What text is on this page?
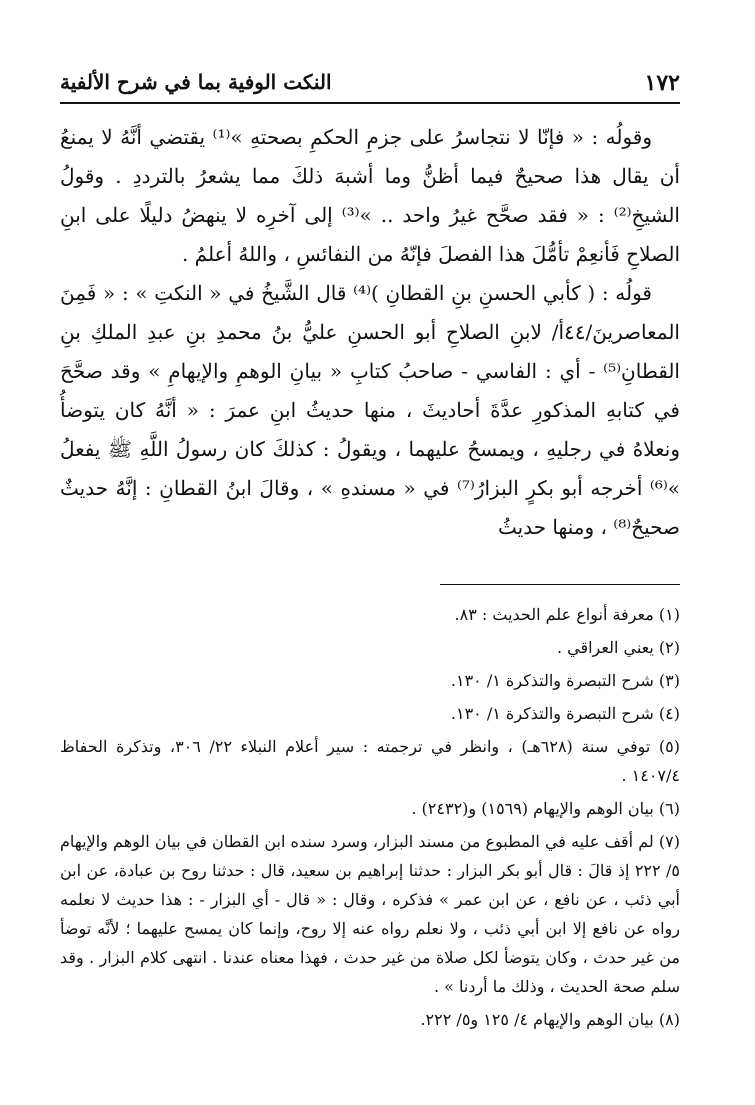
١٧٢
النكت الوفية بما في شرح الألفية

وقولُه : « فإنّا لا نتجاسرُ على جزمِ الحكمِ بصحتهِ »⁽¹⁾ يقتضي أنَّهُ لا يمنعُ أن يقال هذا صحيحٌ فيما أظنُّ وما أشبهَ ذلكَ مما يشعرُ بالترددِ . وقولُ الشيخِ⁽²⁾ : « فقد صحَّح غيرُ واحد .. »⁽³⁾ إلى آخرِه لا ينهضُ دليلًا على ابنِ الصلاحِ فَأنعِمْ تأمُّلَ هذا الفصلَ فإنّهُ من النفائسِ ، واللهُ أعلمُ .

قولُه : ( كأبي الحسنِ بنِ القطانِ )⁽⁴⁾ قال الشَّيخُ في « النكتِ » : « فَمِنَ المعاصرينَ/٤٤أ/ لابنِ الصلاحِ أبو الحسنِ عليُّ بنُ محمدِ بنِ عبدِ الملكِ بنِ القطانِ⁽⁵⁾ - أي : الفاسي - صاحبُ كتابِ « بيانِ الوهمِ والإيهامِ » وقد صحَّحَ في كتابهِ المذكورِ عدَّةَ أحاديثَ ، منها حديثُ ابنِ عمرَ : « أنَّهُ كان يتوضأُ ونعلاهُ في رجليهِ ، ويمسحُ عليهما ، ويقولُ : كذلكَ كان رسولُ اللَّهِ ﷺ يفعلُ »⁽⁶⁾ أخرجه أبو بكرٍ البزارُ⁽⁷⁾ في « مسندهِ » ، وقالَ ابنُ القطانِ : إنَّهُ حديثٌ صحيحٌ⁽⁸⁾ ، ومنها حديثُ

(١) معرفة أنواع علم الحديث : ٨٣.

(٢) يعني العراقي .

(٣) شرح التبصرة والتذكرة ١/ ١٣٠.

(٤) شرح التبصرة والتذكرة ١/ ١٣٠.

(٥) توفي سنة (٦٢٨هـ) ، وانظر في ترجمته : سير أعلام النبلاء ٢٢/ ٣٠٦، وتذكرة الحفاظ ١٤٠٧/٤ .

(٦) بيان الوهم والإيهام (١٥٦٩) و(٢٤٣٢) .

(٧) لم أقف عليه في المطبوع من مسند البزار، وسرد سنده ابن القطان في بيان الوهم والإيهام ٥/ ٢٢٢ إذ قالَ : قال أبو بكر البزار : حدثنا إبراهيم بن سعيد، قال : حدثنا روح بن عبادة، عن ابن أبي ذئب ، عن نافع ، عن ابن عمر » فذكره ، وقال : « قال - أي البزار - : هذا حديث لا نعلمه رواه عن نافع إلا ابن أبي ذئب ، ولا نعلم رواه عنه إلا روح، وإنما كان يمسح عليهما ؛ لأنَّه توضأ من غير حدث ، وكان يتوضأ لكل صلاة من غير حدث ، فهذا معناه عندنا . انتهى كلام البزار . وقد سلم صحة الحديث ، وذلك ما أردنا » .

(٨) بيان الوهم والإيهام ٤/ ١٢٥ و٥/ ٢٢٢.
